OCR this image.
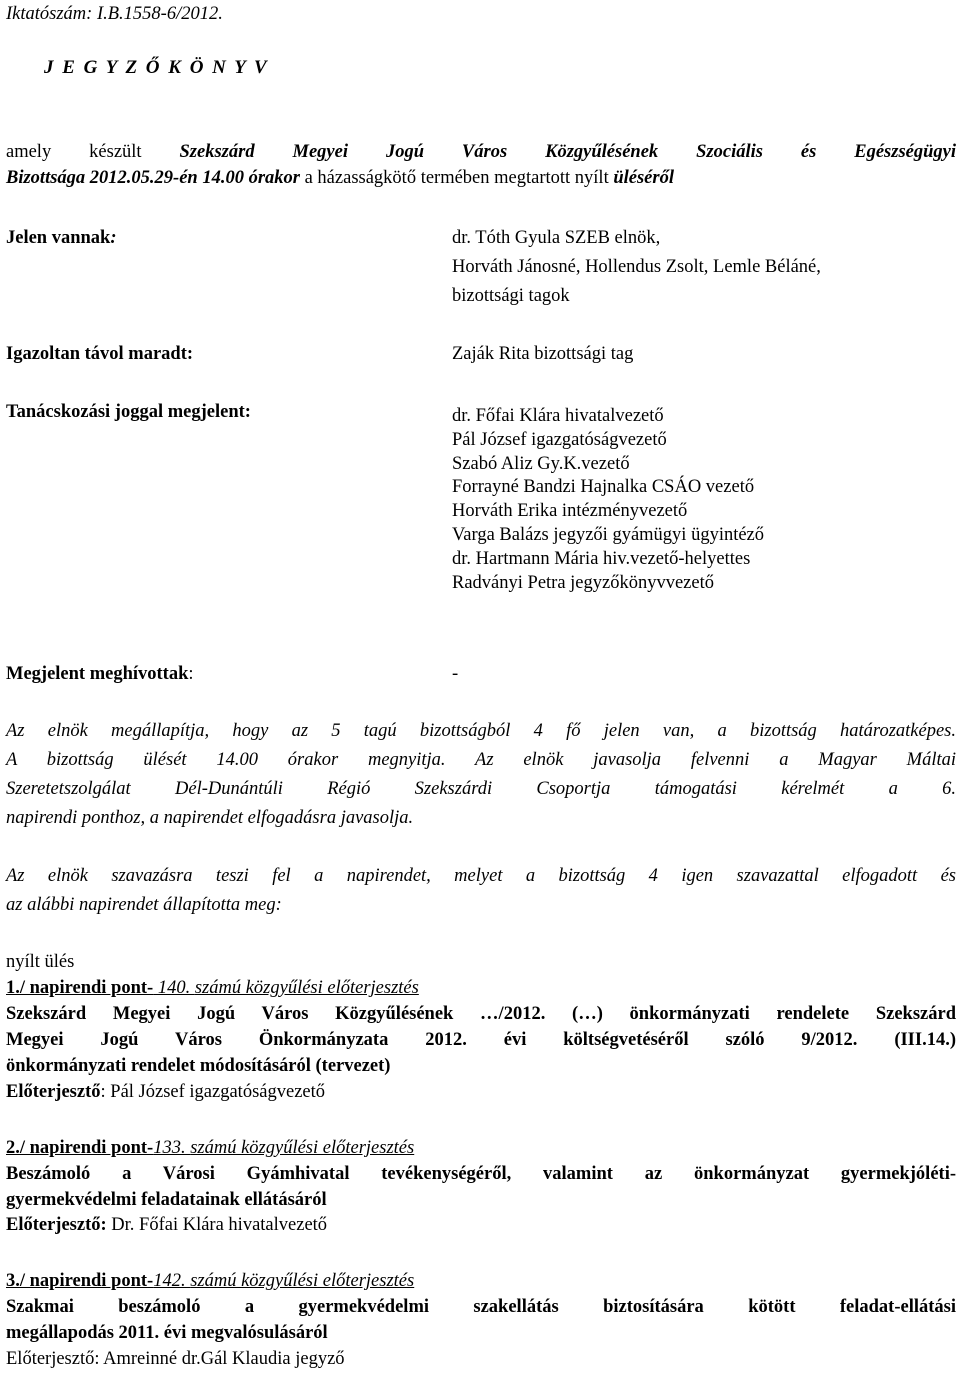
Iktatószám: I.B.1558-6/2012.
J E G Y Z Ő K Ö N Y V
amely készült Szekszárd Megyei Jogú Város Közgyűlésének Szociális és Egészségügyi
Bizottsága 2012.05.29-én 14.00 órakor a házasságkötő termében megtartott nyílt üléséről
Jelen vannak:	dr. Tóth Gyula SZEB elnök,
Horváth Jánosné, Hollendus Zsolt, Lemle Béláné,
bizottsági tagok
Igazoltan távol maradt:	Zaják Rita bizottsági tag
Tanácskozási joggal megjelent:	dr. Főfai Klára hivatalvezető
Pál József igazgatóságvezető
Szabó Aliz Gy.K.vezető
Forrayné Bandzi Hajnalka CSÁO vezető
Horváth Erika intézményvezető
Varga Balázs jegyzői gyámügyi ügyintéző
dr. Hartmann Mária hiv.vezető-helyettes
Radványi Petra jegyzőkönyvvezető
Megjelent meghívottak:	-
Az elnök megállapítja, hogy az 5 tagú bizottságból 4 fő jelen van, a bizottság határozatképes.
A bizottság ülését 14.00 órakor megnyitja. Az elnök javasolja felvenni a Magyar Máltai
Szeretetszolgálat Dél-Dunántúli Régió Szekszárdi Csoportja támogatási kérelmét a 6.
napirendi ponthoz, a napirendet elfogadásra javasolja.
Az elnök szavazásra teszi fel a napirendet, melyet a bizottság 4 igen szavazattal elfogadott és
az alábbi napirendet állapította meg:
nyílt ülés
1./ napirendi pont- 140. számú közgyűlési előterjesztés
Szekszárd Megyei Jogú Város Közgyűlésének …/2012. (…) önkormányzati rendelete Szekszárd
Megyei Jogú Város Önkormányzata 2012. évi költségvetéséről szóló 9/2012. (III.14.)
önkormányzati rendelet módosításáról (tervezet)
Előterjesztő: Pál József igazgatóságvezető
2./ napirendi pont-133. számú közgyűlési előterjesztés
Beszámoló a Városi Gyámhivatal tevékenységéről, valamint az önkormányzat gyermekjóléti-
gyermekvédelmi feladatainak ellátásáról
Előterjesztő: Dr. Főfai Klára hivatalvezető
3./ napirendi pont-142. számú közgyűlési előterjesztés
Szakmai beszámoló a gyermekvédelmi szakellátás biztosítására kötött feladat-ellátási
megállapodás 2011. évi megvalósulásáról
Előterjesztő: Amreinné dr.Gál Klaudia jegyző
